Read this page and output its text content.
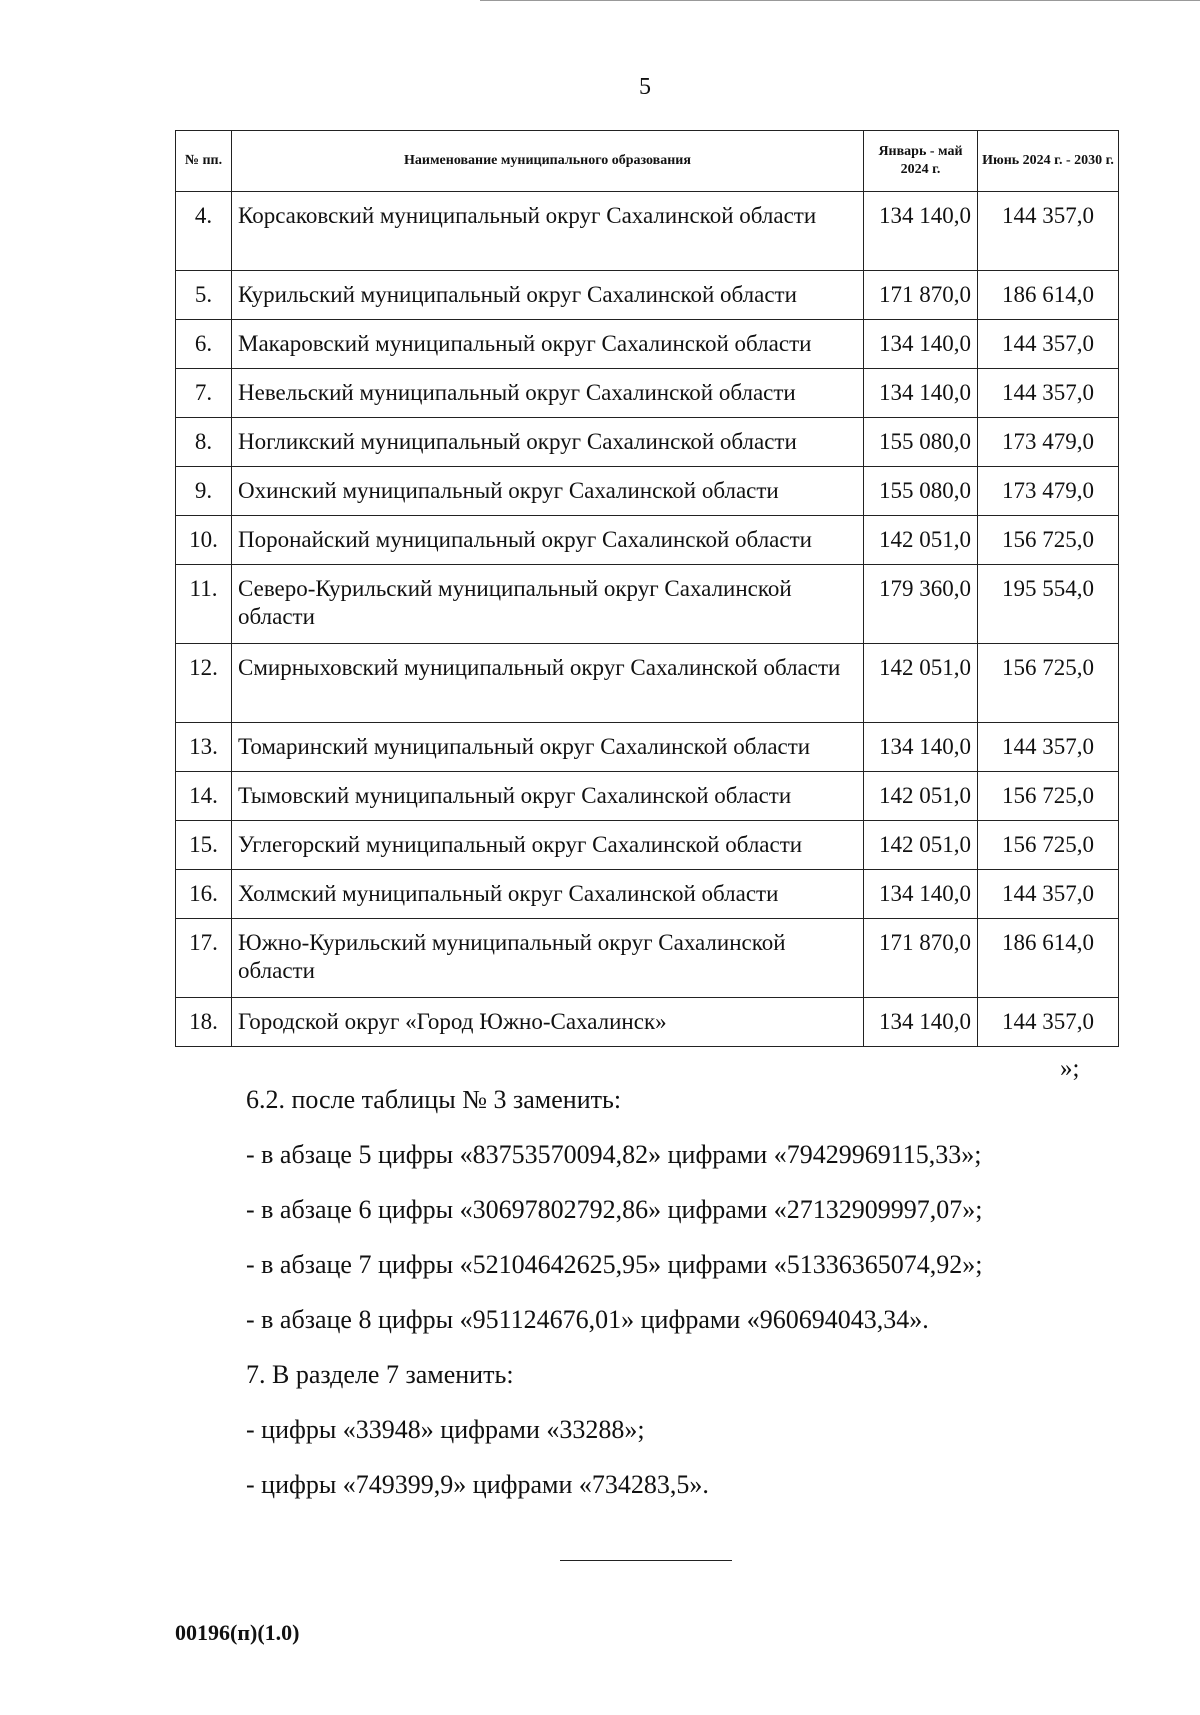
5
№ пп.	Наименование муниципального образования	Январь - май 2024 г.	Июнь 2024 г. - 2030 г.
4.	Корсаковский муниципальный округ Сахалинской области	134 140,0	144 357,0
5.	Курильский муниципальный округ Сахалинской области	171 870,0	186 614,0
6.	Макаровский муниципальный округ Сахалинской области	134 140,0	144 357,0
7.	Невельский муниципальный округ Сахалинской области	134 140,0	144 357,0
8.	Ногликский муниципальный округ Сахалинской области	155 080,0	173 479,0
9.	Охинский муниципальный округ Сахалинской области	155 080,0	173 479,0
10.	Поронайский муниципальный округ Сахалинской области	142 051,0	156 725,0
11.	Северо-Курильский муниципальный округ Сахалинской области	179 360,0	195 554,0
12.	Смирныховский муниципальный округ Сахалинской области	142 051,0	156 725,0
13.	Томаринский муниципальный округ Сахалинской области	134 140,0	144 357,0
14.	Тымовский муниципальный округ Сахалинской области	142 051,0	156 725,0
15.	Углегорский муниципальный округ Сахалинской области	142 051,0	156 725,0
16.	Холмский муниципальный округ Сахалинской области	134 140,0	144 357,0
17.	Южно-Курильский муниципальный округ Сахалинской области	171 870,0	186 614,0
18.	Городской округ «Город Южно-Сахалинск»	134 140,0	144 357,0
»;

6.2. после таблицы № 3 заменить:

- в абзаце 5 цифры «83753570094,82» цифрами «79429969115,33»;

- в абзаце 6 цифры «30697802792,86» цифрами «27132909997,07»;

- в абзаце 7 цифры «52104642625,95» цифрами «51336365074,92»;

- в абзаце 8 цифры «951124676,01» цифрами «960694043,34».

7. В разделе 7 заменить:

- цифры «33948» цифрами «33288»;

- цифры «749399,9» цифрами «734283,5».

00196(п)(1.0)
